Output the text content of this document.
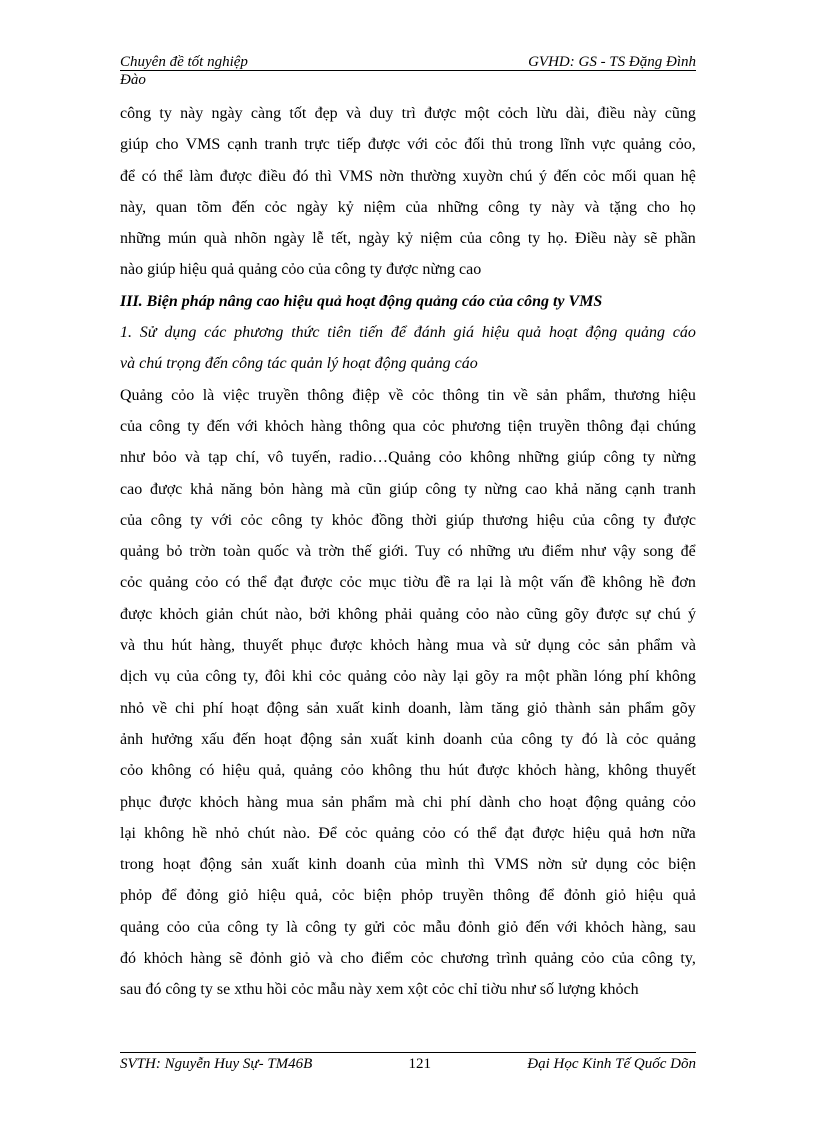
Chuyên đề tốt nghiệp	GVHD: GS - TS Đặng Đình
Đào
công ty này ngày càng tốt đẹp và duy trì được một cỏch lừu dài, điều này cũng
giúp cho VMS cạnh tranh trực tiếp được với cỏc đối thủ trong lĩnh vực quảng cỏo,
để có thể làm được điều đó thì VMS nờn thường xuyờn chú ý đến cỏc mối quan hệ
này, quan tõm đến cỏc ngày kỷ niệm của những công ty này và tặng cho họ
những mún quà nhõn ngày lễ tết, ngày kỷ niệm của công ty họ. Điều này sẽ phần
nào giúp hiệu quả quảng cỏo của công ty được nừng cao
III. Biện pháp nâng cao hiệu quả hoạt động quảng cáo của công ty VMS
1. Sử dụng các phương thức tiên tiến để đánh giá hiệu quả hoạt động quảng cáo
và chú trọng đến công tác quản lý hoạt động quảng cáo
Quảng cỏo là việc truyền thông điệp về cỏc thông tin về sản phẩm, thương hiệu
của công ty đến với khỏch hàng thông qua cỏc phương tiện truyền thông đại chúng
như bỏo và tạp chí, vô tuyến, radio…Quảng cỏo không những giúp công ty nừng
cao được khả năng bỏn hàng mà cũn giúp công ty nừng cao khả năng cạnh tranh
của công ty với cỏc công ty khỏc đồng thời giúp thương hiệu của công ty được
quảng bỏ trờn toàn quốc và trờn thế giới. Tuy có những ưu điểm như vậy song để
cỏc quảng cỏo có thể đạt được cỏc mục tiờu đề ra lại là một vấn đề không hề đơn
được khỏch giản chút nào, bởi không phải quảng cỏo nào cũng gõy được sự chú ý
và thu hút hàng, thuyết phục được khỏch hàng mua và sử dụng cỏc sản phẩm và
dịch vụ của công ty, đôi khi cỏc quảng cỏo này lại gõy ra một phần lóng phí không
nhỏ về chi phí hoạt động sản xuất kinh doanh, làm tăng giỏ thành sản phẩm gõy
ảnh hưởng xấu đến hoạt động sản xuất kinh doanh của công ty đó là cỏc quảng
cỏo không có hiệu quả, quảng cỏo không thu hút được khỏch hàng, không thuyết
phục được khỏch hàng mua sản phẩm mà chi phí dành cho hoạt động quảng cỏo
lại không hề nhỏ chút nào. Để cỏc quảng cỏo có thể đạt được hiệu quả hơn nữa
trong hoạt động sản xuất kinh doanh của mình thì VMS nờn sử dụng cỏc biện
phỏp để đỏng giỏ hiệu quả, cỏc biện phỏp truyền thông để đỏnh giỏ hiệu quả
quảng cỏo của công ty là công ty gửi cỏc mẫu đỏnh giỏ đến với khỏch hàng, sau
đó khỏch hàng sẽ đỏnh giỏ và cho điểm cỏc chương trình quảng cỏo của công ty,
sau đó công ty se xthu hồi cỏc mẫu này xem xột cỏc chỉ tiờu như số lượng khỏch
SVTH: Nguyễn Huy Sự- TM46B	121	Đại Học Kinh Tế Quốc Dõn
